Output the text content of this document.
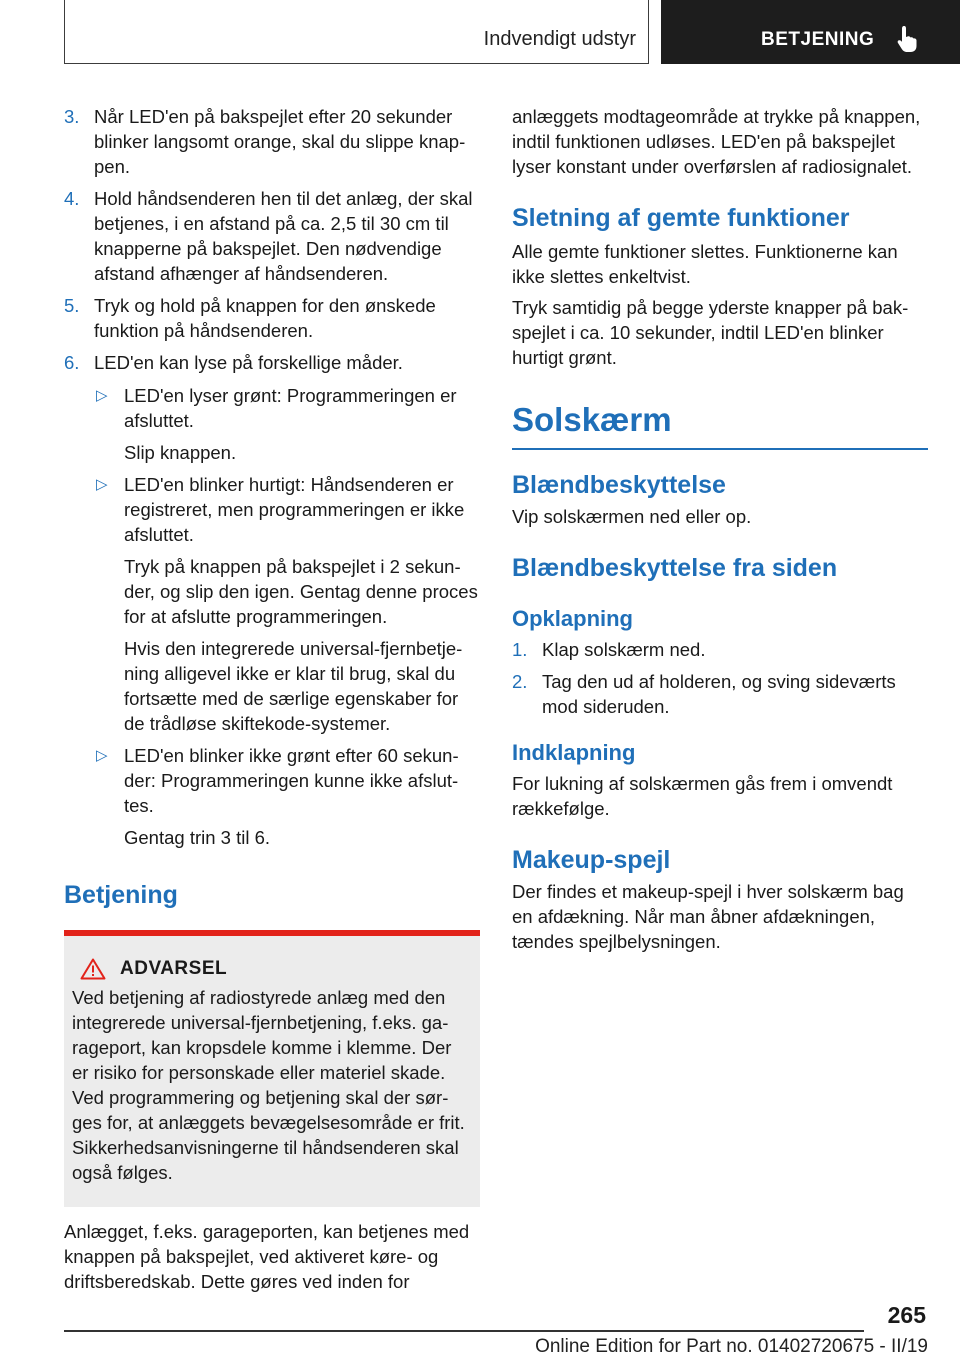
Indvendigt udstyr	BETJENING
3. Når LED'en på bakspejlet efter 20 sekunder blinker langsomt orange, skal du slippe knappen.

4. Hold håndsenderen hen til det anlæg, der skal betjenes, i en afstand på ca. 2,5 til 30 cm til knapperne på bakspejlet. Den nødvendige afstand afhænger af håndsenderen.

5. Tryk og hold på knappen for den ønskede funktion på håndsenderen.

6. LED'en kan lyse på forskellige måder.

▷ LED'en lyser grønt: Programmeringen er afsluttet.

Slip knappen.

▷ LED'en blinker hurtigt: Håndsenderen er registreret, men programmeringen er ikke afsluttet.

Tryk på knappen på bakspejlet i 2 sekunder, og slip den igen. Gentag denne proces for at afslutte programmeringen.

Hvis den integrerede universal-fjernbetjening alligevel ikke er klar til brug, skal du fortsætte med de særlige egenskaber for de trådløse skiftekode-systemer.

▷ LED'en blinker ikke grønt efter 60 sekunder: Programmeringen kunne ikke afsluttes.

Gentag trin 3 til 6.

Betjening
ADVARSEL

Ved betjening af radiostyrede anlæg med den integrerede universal-fjernbetjening, f.eks. garageport, kan kropsdele komme i klemme. Der er risiko for personskade eller materiel skade. Ved programmering og betjening skal der sørges for, at anlæggets bevægelsesområde er frit. Sikkerhedsanvisningerne til håndsenderen skal også følges.

Anlægget, f.eks. garageporten, kan betjenes med knappen på bakspejlet, ved aktiveret køre- og driftsberedskab. Dette gøres ved inden for

anlæggets modtageområde at trykke på knappen, indtil funktionen udløses. LED'en på bakspejlet lyser konstant under overførslen af radiosignalet.

Sletning af gemte funktioner

Alle gemte funktioner slettes. Funktionerne kan ikke slettes enkeltvist.

Tryk samtidig på begge yderste knapper på bakspejlet i ca. 10 sekunder, indtil LED'en blinker hurtigt grønt.

Solskærm
Blændbeskyttelse

Vip solskærmen ned eller op.

Blændbeskyttelse fra siden
Opklapning
1. Klap solskærm ned.

2. Tag den ud af holderen, og sving sideværts mod sideruden.

Indklapning

For lukning af solskærmen gås frem i omvendt rækkefølge.

Makeup-spejl

Der findes et makeup-spejl i hver solskærm bag en afdækning. Når man åbner afdækningen, tændes spejlbelysningen.

265
Online Edition for Part no. 01402720675 - II/19
